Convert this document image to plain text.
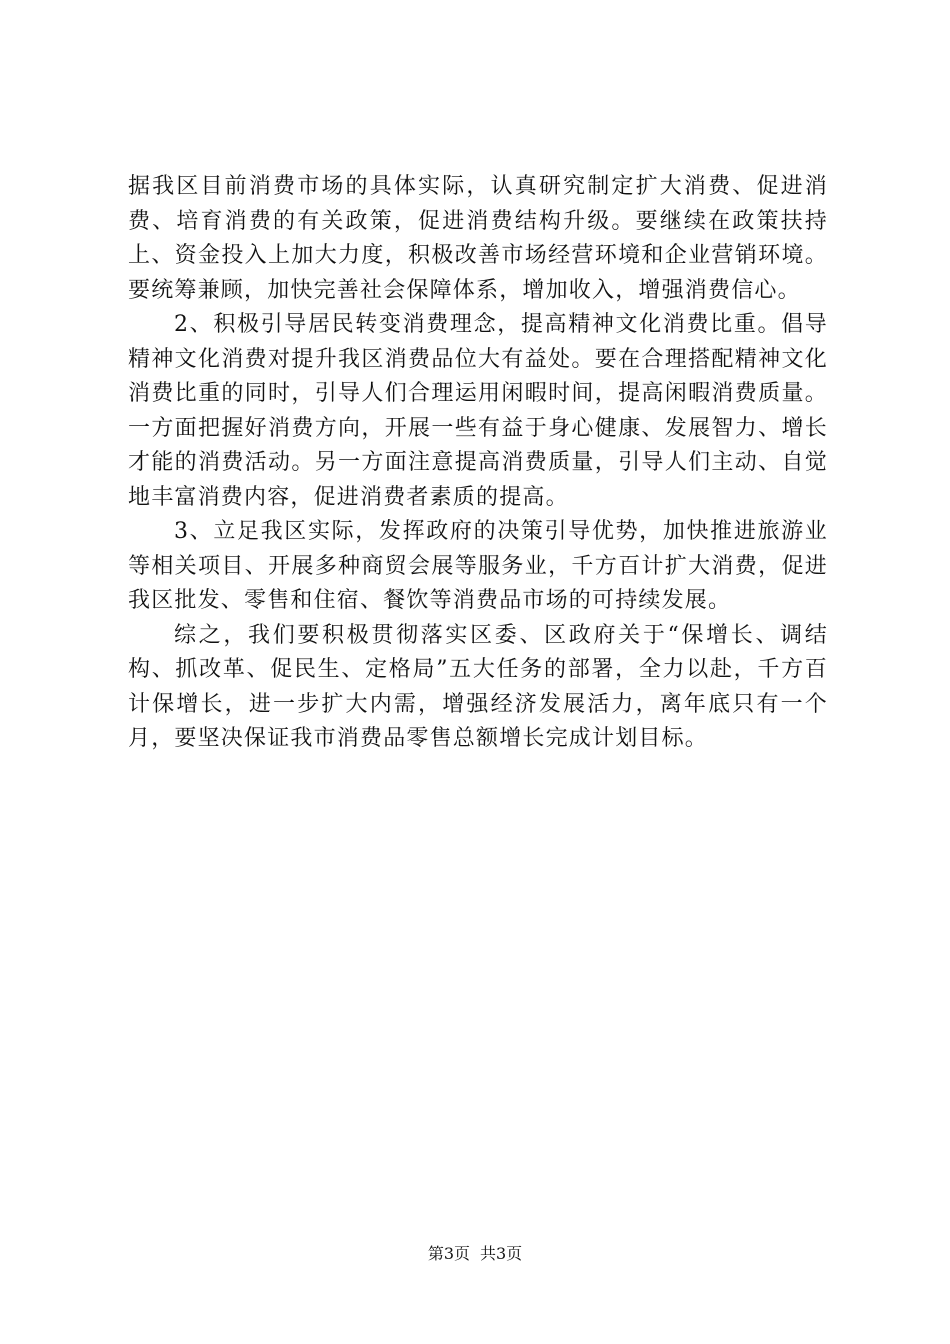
据我区目前消费市场的具体实际，认真研究制定扩大消费、促进消费、培育消费的有关政策，促进消费结构升级。要继续在政策扶持上、资金投入上加大力度，积极改善市场经营环境和企业营销环境。要统筹兼顾，加快完善社会保障体系，增加收入，增强消费信心。

2、积极引导居民转变消费理念，提高精神文化消费比重。倡导精神文化消费对提升我区消费品位大有益处。要在合理搭配精神文化消费比重的同时，引导人们合理运用闲暇时间，提高闲暇消费质量。一方面把握好消费方向，开展一些有益于身心健康、发展智力、增长才能的消费活动。另一方面注意提高消费质量，引导人们主动、自觉地丰富消费内容，促进消费者素质的提高。

3、立足我区实际，发挥政府的决策引导优势，加快推进旅游业等相关项目、开展多种商贸会展等服务业，千方百计扩大消费，促进我区批发、零售和住宿、餐饮等消费品市场的可持续发展。

综之，我们要积极贯彻落实区委、区政府关于“保增长、调结构、抓改革、促民生、定格局”五大任务的部署，全力以赴，千方百计保增长，进一步扩大内需，增强经济发展活力，离年底只有一个月，要坚决保证我市消费品零售总额增长完成计划目标。

第3页 共3页
